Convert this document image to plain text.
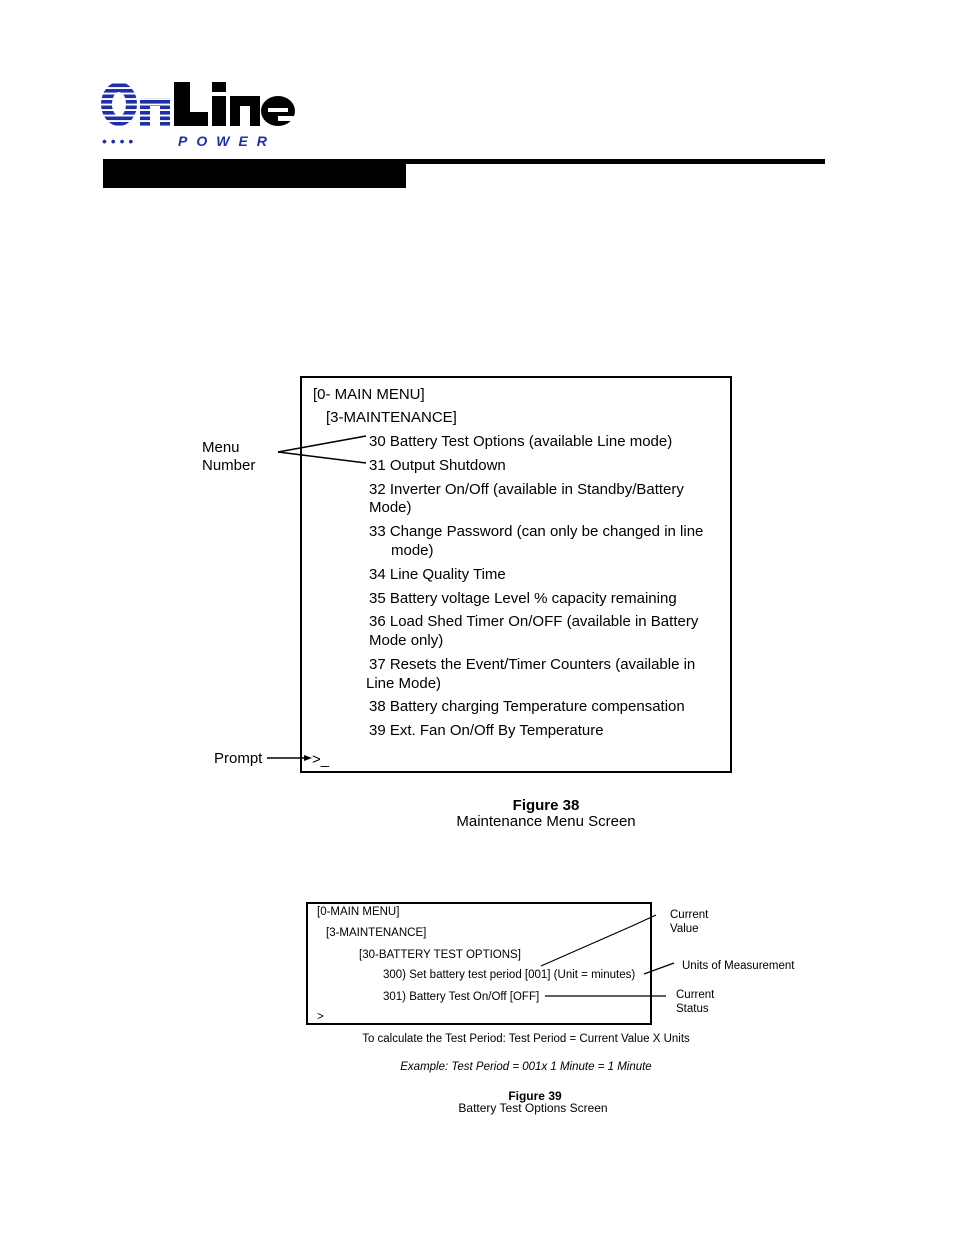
• • • •	POWER
[0- MAIN MENU]
[3-MAINTENANCE]
30 Battery Test Options (available Line mode)
31 Output Shutdown
32 Inverter On/Off (available in Standby/Battery
Mode)
33 Change Password (can only be changed in line
mode)
34 Line Quality Time
35 Battery voltage Level % capacity remaining
36 Load Shed Timer On/OFF (available in Battery
Mode only)
37 Resets the Event/Timer Counters (available in
Line Mode)
38 Battery charging Temperature compensation
39 Ext. Fan On/Off By Temperature
>_
Menu
Number
Prompt
Figure 38
Maintenance Menu Screen
[0-MAIN MENU]
[3-MAINTENANCE]
[30-BATTERY TEST OPTIONS]
300) Set battery test period [001] (Unit = minutes)
301) Battery Test On/Off [OFF]
>
Current
Value
Units of Measurement
Current
Status
To calculate the Test Period: Test Period = Current Value X Units
Example: Test Period = 001x 1 Minute = 1 Minute
Figure 39
Battery Test Options Screen
